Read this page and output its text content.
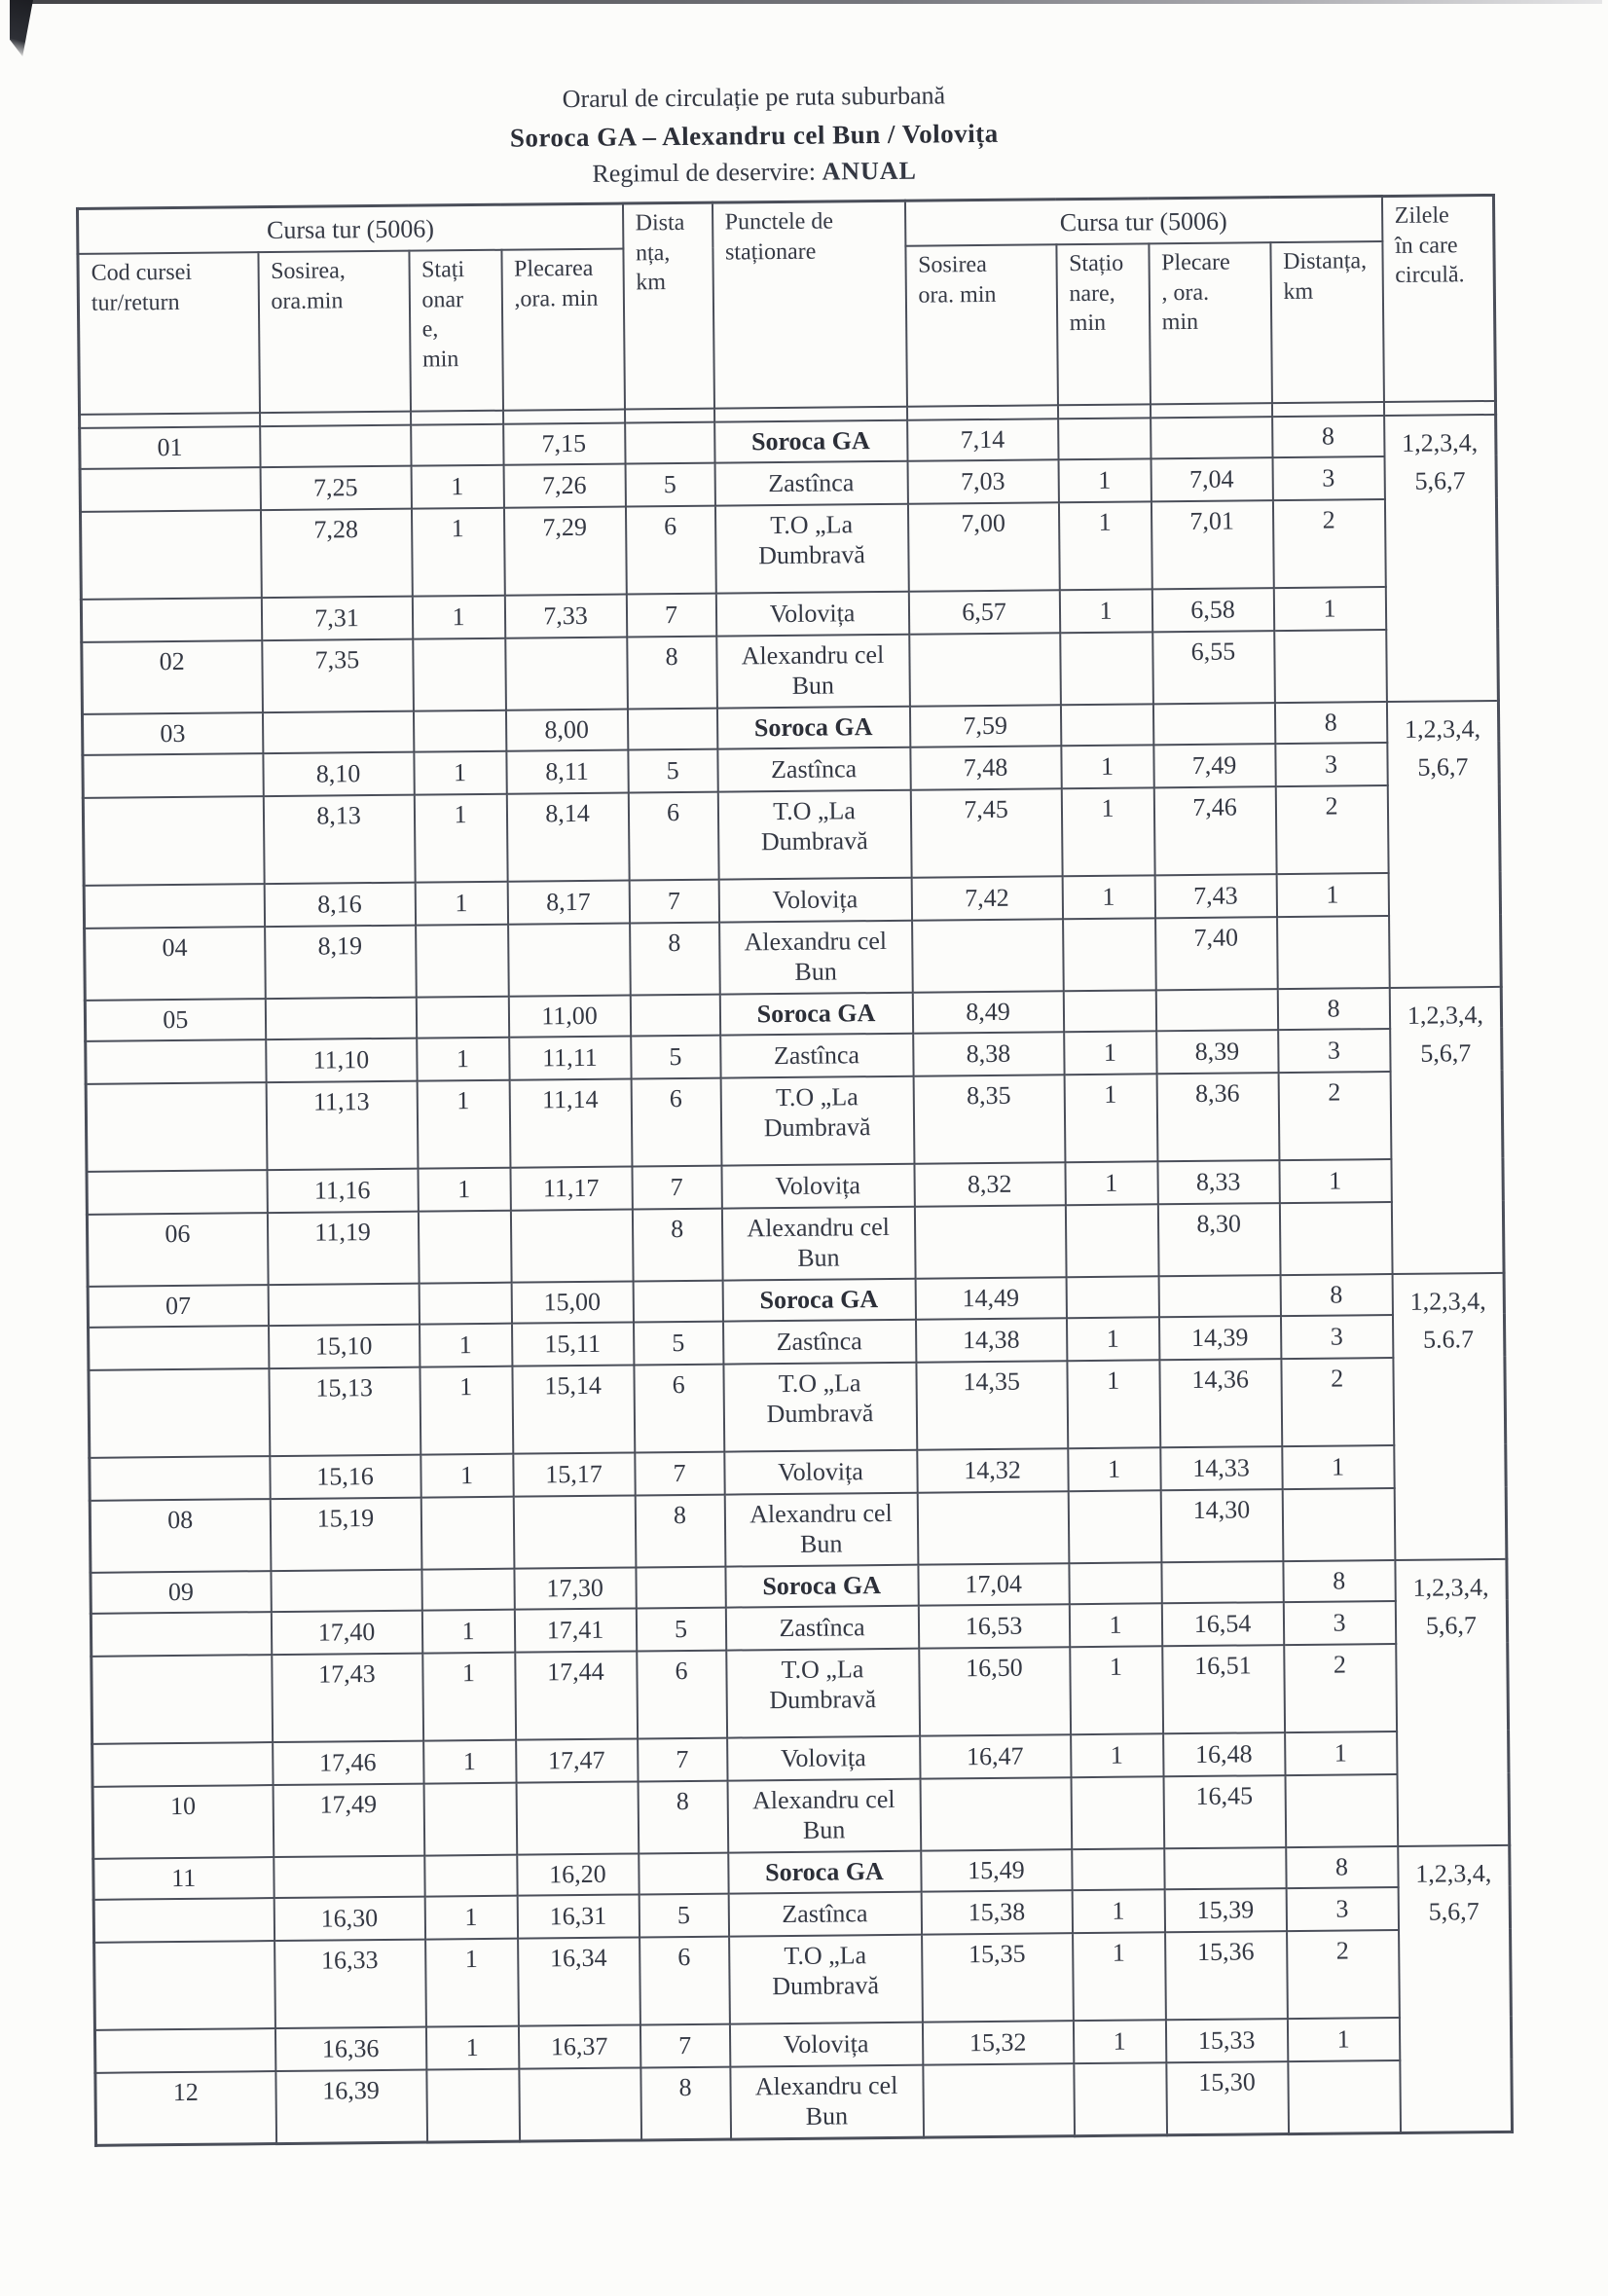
Orarul de circulație pe ruta suburbană
Soroca GA – Alexandru cel Bun / Volovița
Regimul de deservire: ANUAL
Cursa tur (5006)				Dista
nța,
km	Punctele de
staționare	Cursa tur (5006)				Zilele
în care
circulă.
Cod cursei
tur/return	Sosirea,
ora.min	Stați
onar
e,
min	Plecarea
,ora. min			Sosirea
ora. min	Stațio
nare,
min	Plecare
, ora.
min	Distanța,
km	

01			7,15		Soroca GA	7,14			8	1,2,3,4,
5,6,7
	7,25	1	7,26	5	Zastînca	7,03	1	7,04	3	
	7,28	1	7,29	6	T.O „La Dumbravă	7,00	1	7,01	2	
	7,31	1	7,33	7	Volovița	6,57	1	6,58	1	
02	7,35			8	Alexandru cel Bun			6,55		
03			8,00		Soroca GA	7,59			8	1,2,3,4,
5,6,7
	8,10	1	8,11	5	Zastînca	7,48	1	7,49	3	
	8,13	1	8,14	6	T.O „La Dumbravă	7,45	1	7,46	2	
	8,16	1	8,17	7	Volovița	7,42	1	7,43	1	
04	8,19			8	Alexandru cel Bun			7,40		
05			11,00		Soroca GA	8,49			8	1,2,3,4,
5,6,7
	11,10	1	11,11	5	Zastînca	8,38	1	8,39	3	
	11,13	1	11,14	6	T.O „La Dumbravă	8,35	1	8,36	2	
	11,16	1	11,17	7	Volovița	8,32	1	8,33	1	
06	11,19			8	Alexandru cel Bun			8,30		
07			15,00		Soroca GA	14,49			8	1,2,3,4,
5.6.7
	15,10	1	15,11	5	Zastînca	14,38	1	14,39	3	
	15,13	1	15,14	6	T.O „La Dumbravă	14,35	1	14,36	2	
	15,16	1	15,17	7	Volovița	14,32	1	14,33	1	
08	15,19			8	Alexandru cel Bun			14,30		
09			17,30		Soroca GA	17,04			8	1,2,3,4,
5,6,7
	17,40	1	17,41	5	Zastînca	16,53	1	16,54	3	
	17,43	1	17,44	6	T.O „La Dumbravă	16,50	1	16,51	2	
	17,46	1	17,47	7	Volovița	16,47	1	16,48	1	
10	17,49			8	Alexandru cel Bun			16,45		
11			16,20		Soroca GA	15,49			8	1,2,3,4,
5,6,7
	16,30	1	16,31	5	Zastînca	15,38	1	15,39	3	
	16,33	1	16,34	6	T.O „La Dumbravă	15,35	1	15,36	2	
	16,36	1	16,37	7	Volovița	15,32	1	15,33	1	
12	16,39			8	Alexandru cel Bun			15,30		
